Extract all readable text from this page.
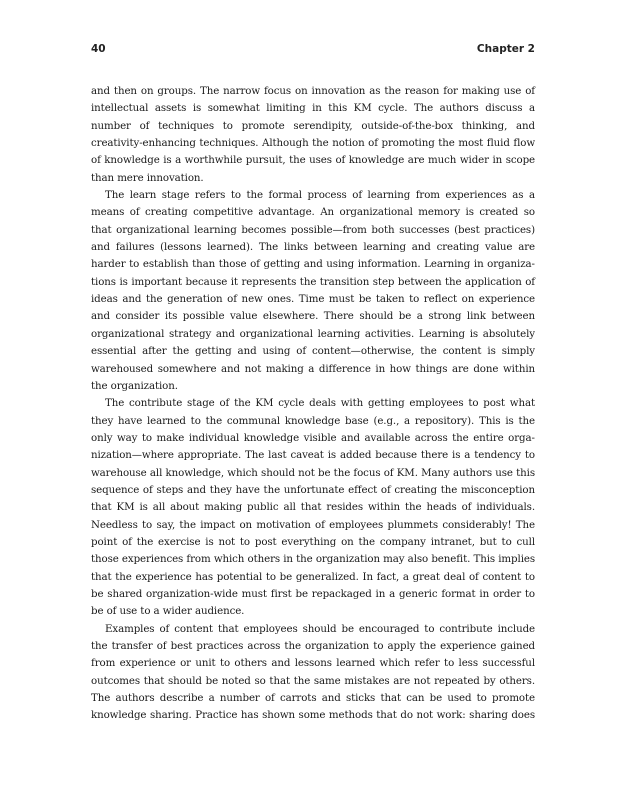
40	Chapter 2

and then on groups. The narrow focus on innovation as the reason for making use of intellectual assets is somewhat limiting in this KM cycle. The authors discuss a number of techniques to promote serendipity, outside-of-the-box thinking, and creativity-enhancing techniques. Although the notion of promoting the most fluid flow of knowledge is a worthwhile pursuit, the uses of knowledge are much wider in scope than mere innovation.

The learn stage refers to the formal process of learning from experiences as a means of creating competitive advantage. An organizational memory is created so that organizational learning becomes possible—from both successes (best practices) and failures (lessons learned). The links between learning and creating value are harder to establish than those of getting and using information. Learning in organizations is important because it represents the transition step between the application of ideas and the generation of new ones. Time must be taken to reflect on experience and consider its possible value elsewhere. There should be a strong link between organizational strategy and organizational learning activities. Learning is absolutely essential after the getting and using of content—otherwise, the content is simply warehoused somewhere and not making a difference in how things are done within the organization.

The contribute stage of the KM cycle deals with getting employees to post what they have learned to the communal knowledge base (e.g., a repository). This is the only way to make individual knowledge visible and available across the entire organization—where appropriate. The last caveat is added because there is a tendency to warehouse all knowledge, which should not be the focus of KM. Many authors use this sequence of steps and they have the unfortunate effect of creating the misconception that KM is all about making public all that resides within the heads of individuals. Needless to say, the impact on motivation of employees plummets considerably! The point of the exercise is not to post everything on the company intranet, but to cull those experiences from which others in the organization may also benefit. This implies that the experience has potential to be generalized. In fact, a great deal of content to be shared organization-wide must first be repackaged in a generic format in order to be of use to a wider audience.

Examples of content that employees should be encouraged to contribute include the transfer of best practices across the organization to apply the experience gained from experience or unit to others and lessons learned which refer to less successful outcomes that should be noted so that the same mistakes are not repeated by others. The authors describe a number of carrots and sticks that can be used to promote knowledge sharing. Practice has shown some methods that do not work: sharing does
